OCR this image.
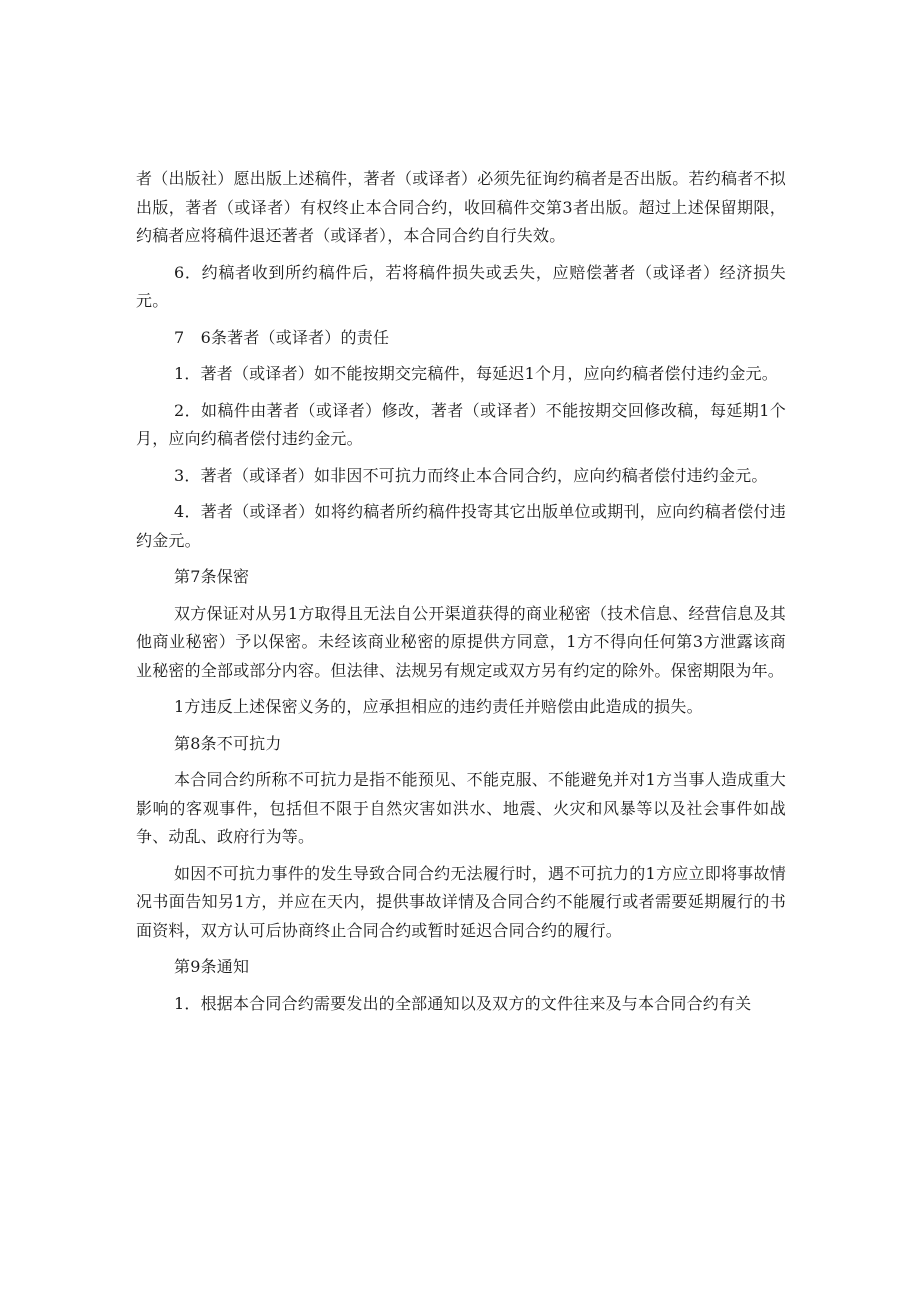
者（出版社）愿出版上述稿件，著者（或译者）必须先征询约稿者是否出版。若约稿者不拟出版，著者（或译者）有权终止本合同合约，收回稿件交第3者出版。超过上述保留期限，约稿者应将稿件退还著者（或译者），本合同合约自行失效。

6．约稿者收到所约稿件后，若将稿件损失或丢失，应赔偿著者（或译者）经济损失元。

7　6条著者（或译者）的责任

1．著者（或译者）如不能按期交完稿件，每延迟1个月，应向约稿者偿付违约金元。

2．如稿件由著者（或译者）修改，著者（或译者）不能按期交回修改稿，每延期1个月，应向约稿者偿付违约金元。

3．著者（或译者）如非因不可抗力而终止本合同合约，应向约稿者偿付违约金元。

4．著者（或译者）如将约稿者所约稿件投寄其它出版单位或期刊，应向约稿者偿付违约金元。

第7条保密

双方保证对从另1方取得且无法自公开渠道获得的商业秘密（技术信息、经营信息及其他商业秘密）予以保密。未经该商业秘密的原提供方同意，1方不得向任何第3方泄露该商业秘密的全部或部分内容。但法律、法规另有规定或双方另有约定的除外。保密期限为年。

1方违反上述保密义务的，应承担相应的违约责任并赔偿由此造成的损失。

第8条不可抗力

本合同合约所称不可抗力是指不能预见、不能克服、不能避免并对1方当事人造成重大影响的客观事件，包括但不限于自然灾害如洪水、地震、火灾和风暴等以及社会事件如战争、动乱、政府行为等。

如因不可抗力事件的发生导致合同合约无法履行时，遇不可抗力的1方应立即将事故情况书面告知另1方，并应在天内，提供事故详情及合同合约不能履行或者需要延期履行的书面资料，双方认可后协商终止合同合约或暂时延迟合同合约的履行。

第9条通知

1．根据本合同合约需要发出的全部通知以及双方的文件往来及与本合同合约有关
